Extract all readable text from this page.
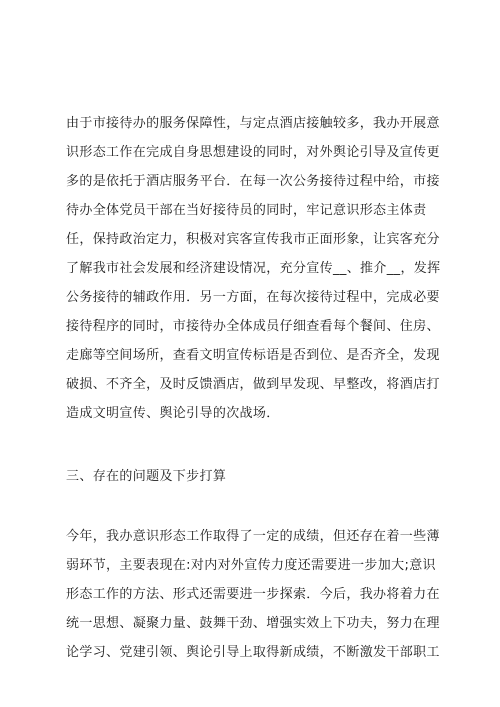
由于市接待办的服务保障性，与定点酒店接触较多，我办开展意
识形态工作在完成自身思想建设的同时，对外舆论引导及宣传更
多的是依托于酒店服务平台．在每一次公务接待过程中给，市接
待办全体党员干部在当好接待员的同时，牢记意识形态主体责
任，保持政治定力，积极对宾客宣传我市正面形象，让宾客充分
了解我市社会发展和经济建设情况，充分宣传__、推介__，发挥
公务接待的辅政作用．另一方面，在每次接待过程中，完成必要
接待程序的同时，市接待办全体成员仔细查看每个餐间、住房、
走廊等空间场所，查看文明宣传标语是否到位、是否齐全，发现
破损、不齐全，及时反馈酒店，做到早发现、早整改，将酒店打
造成文明宣传、舆论引导的次战场．
三、存在的问题及下步打算
今年，我办意识形态工作取得了一定的成绩，但还存在着一些薄
弱环节，主要表现在:对内对外宣传力度还需要进一步加大;意识
形态工作的方法、形式还需要进一步探索．今后，我办将着力在
统一思想、凝聚力量、鼓舞干劲、增强实效上下功夫，努力在理
论学习、党建引领、舆论引导上取得新成绩，不断激发干部职工
